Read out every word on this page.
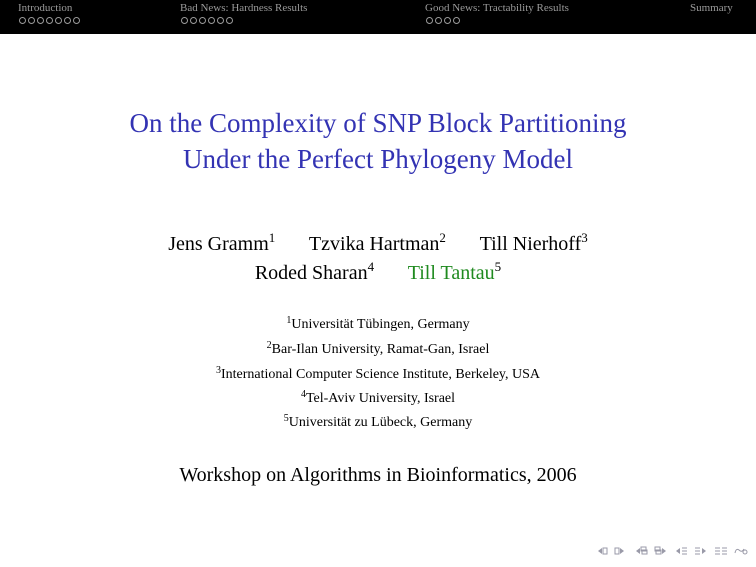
Introduction	Bad News: Hardness Results	Good News: Tractability Results	Summary
On the Complexity of SNP Block Partitioning
Under the Perfect Phylogeny Model
Jens Gramm$^1$ Tzvika Hartman$^2$ Till Nierhoff$^3$
Roded Sharan$^4$ Till Tantau$^5$
$^1$Universität Tübingen, Germany
$^2$Bar-Ilan University, Ramat-Gan, Israel
$^3$International Computer Science Institute, Berkeley, USA
$^4$Tel-Aviv University, Israel
$^5$Universität zu Lübeck, Germany
Workshop on Algorithms in Bioinformatics, 2006
